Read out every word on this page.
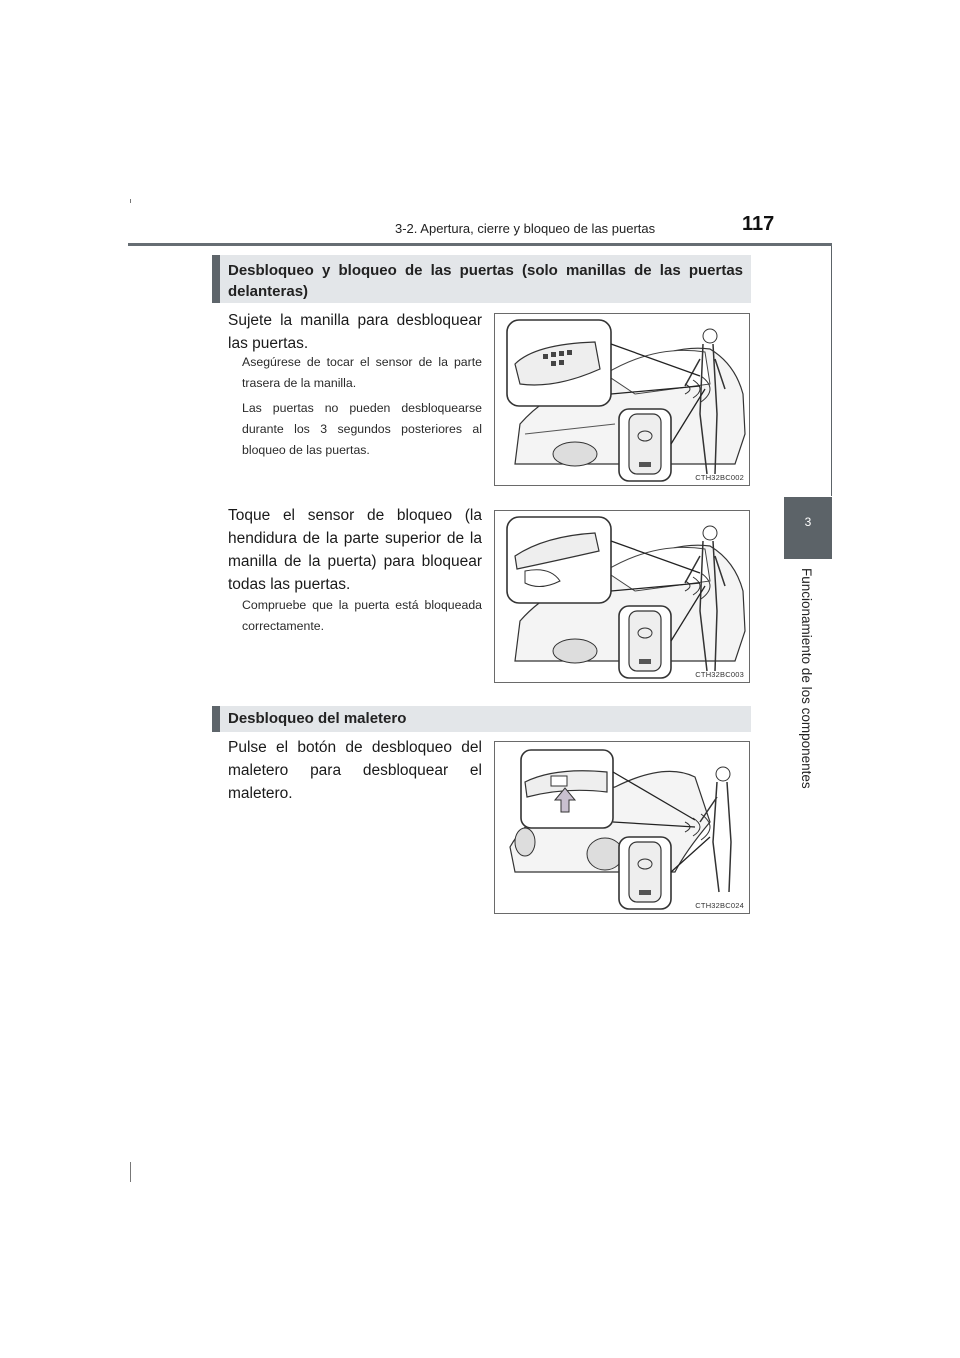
3-2. Apertura, cierre y bloqueo de las puertas	117
3
Funcionamiento de los componentes
Desbloqueo y bloqueo de las puertas (solo manillas de las puertas delanteras)
Sujete la manilla para desbloquear las puertas.
Asegúrese de tocar el sensor de la parte trasera de la manilla.
Las puertas no pueden desbloquearse durante los 3 segundos posteriores al bloqueo de las puertas.
CTH32BC002
Toque el sensor de bloqueo (la hendidura de la parte superior de la manilla de la puerta) para bloquear todas las puertas.
Compruebe que la puerta está bloqueada correctamente.
CTH32BC003
Desbloqueo del maletero
Pulse el botón de desbloqueo del maletero para desbloquear el maletero.
CTH32BC024
